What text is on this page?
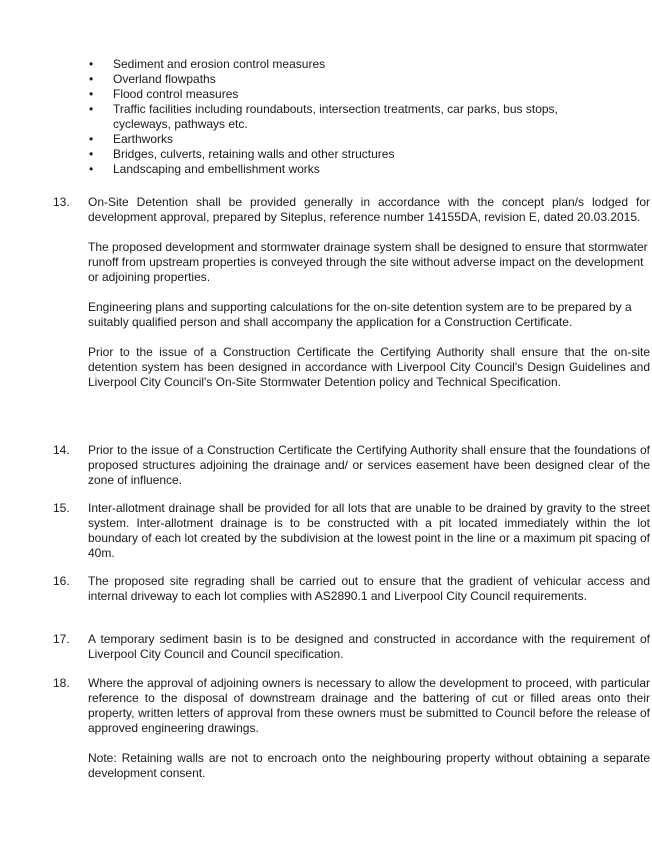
• Sediment and erosion control measures
• Overland flowpaths
• Flood control measures
• Traffic facilities including roundabouts, intersection treatments, car parks, bus stops, cycleways, pathways etc.
• Earthworks
• Bridges, culverts, retaining walls and other structures
• Landscaping and embellishment works
13.	On-Site Detention shall be provided generally in accordance with the concept plan/s lodged for development approval, prepared by Siteplus, reference number 14155DA, revision E, dated 20.03.2015.

The proposed development and stormwater drainage system shall be designed to ensure that stormwater runoff from upstream properties is conveyed through the site without adverse impact on the development or adjoining properties.

Engineering plans and supporting calculations for the on-site detention system are to be prepared by a suitably qualified person and shall accompany the application for a Construction Certificate.

Prior to the issue of a Construction Certificate the Certifying Authority shall ensure that the on-site detention system has been designed in accordance with Liverpool City Council's Design Guidelines and Liverpool City Council's On-Site Stormwater Detention policy and Technical Specification.

14.	Prior to the issue of a Construction Certificate the Certifying Authority shall ensure that the foundations of proposed structures adjoining the drainage and/ or services easement have been designed clear of the zone of influence.

15.	Inter-allotment drainage shall be provided for all lots that are unable to be drained by gravity to the street system. Inter-allotment drainage is to be constructed with a pit located immediately within the lot boundary of each lot created by the subdivision at the lowest point in the line or a maximum pit spacing of 40m.

16.	The proposed site regrading shall be carried out to ensure that the gradient of vehicular access and internal driveway to each lot complies with AS2890.1 and Liverpool City Council requirements.

17.	A temporary sediment basin is to be designed and constructed in accordance with the requirement of Liverpool City Council and Council specification.

18.	Where the approval of adjoining owners is necessary to allow the development to proceed, with particular reference to the disposal of downstream drainage and the battering of cut or filled areas onto their property, written letters of approval from these owners must be submitted to Council before the release of approved engineering drawings.

Note: Retaining walls are not to encroach onto the neighbouring property without obtaining a separate development consent.
